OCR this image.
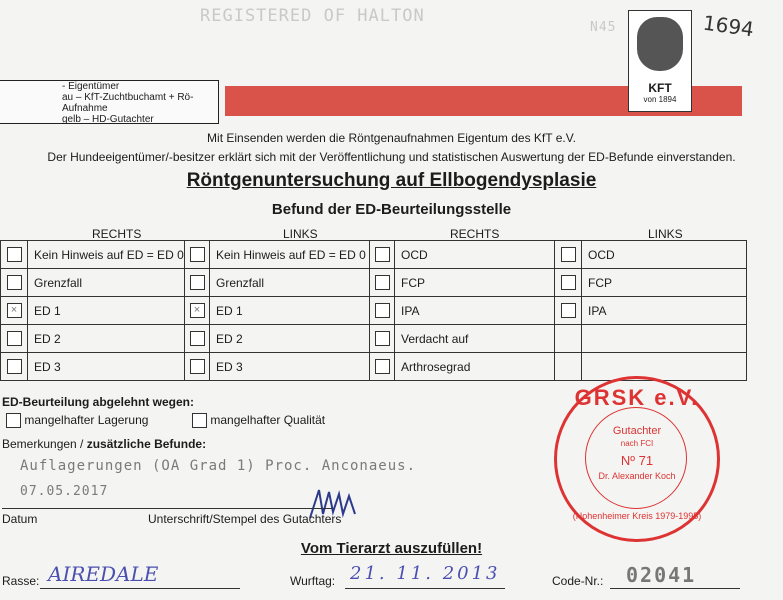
REGISTERED OF HALTON
N45
- Eigentümer
au – KfT-Zuchtbuchamt + Rö-Aufnahme
gelb – HD-Gutachter
KFT
von 1894
1694
Mit Einsenden werden die Röntgenaufnahmen Eigentum des KfT e.V.
Der Hundeeigentümer/-besitzer erklärt sich mit der Veröffentlichung und statistischen Auswertung der ED-Befunde einverstanden.
Röntgenuntersuchung auf Ellbogendysplasie
Befund der ED-Beurteilungsstelle
RECHTS	LINKS	RECHTS	LINKS
	Kein Hinweis auf ED = ED 0		Kein Hinweis auf ED = ED 0		OCD		OCD
	Grenzfall		Grenzfall		FCP		FCP
×	ED 1	×	ED 1		IPA		IPA
	ED 2		ED 2		Verdacht auf		
	ED 3		ED 3		Arthrosegrad		
ED-Beurteilung abgelehnt wegen:
mangelhafter Lagerung	mangelhafter Qualität
Bemerkungen / zusätzliche Befunde:
Auflagerungen (OA Grad 1) Proc. Anconaeus.
07.05.2017
Datum	Unterschrift/Stempel des Gutachters
GRSK e.V.
Gutachter
nach FCI
Nº 71
Dr. Alexander Koch
(Hohenheimer Kreis 1979-1995)
Vom Tierarzt auszufüllen!
Rasse: AIREDALE	Wurftag: 21. 11. 2013	Code-Nr.: 02041
